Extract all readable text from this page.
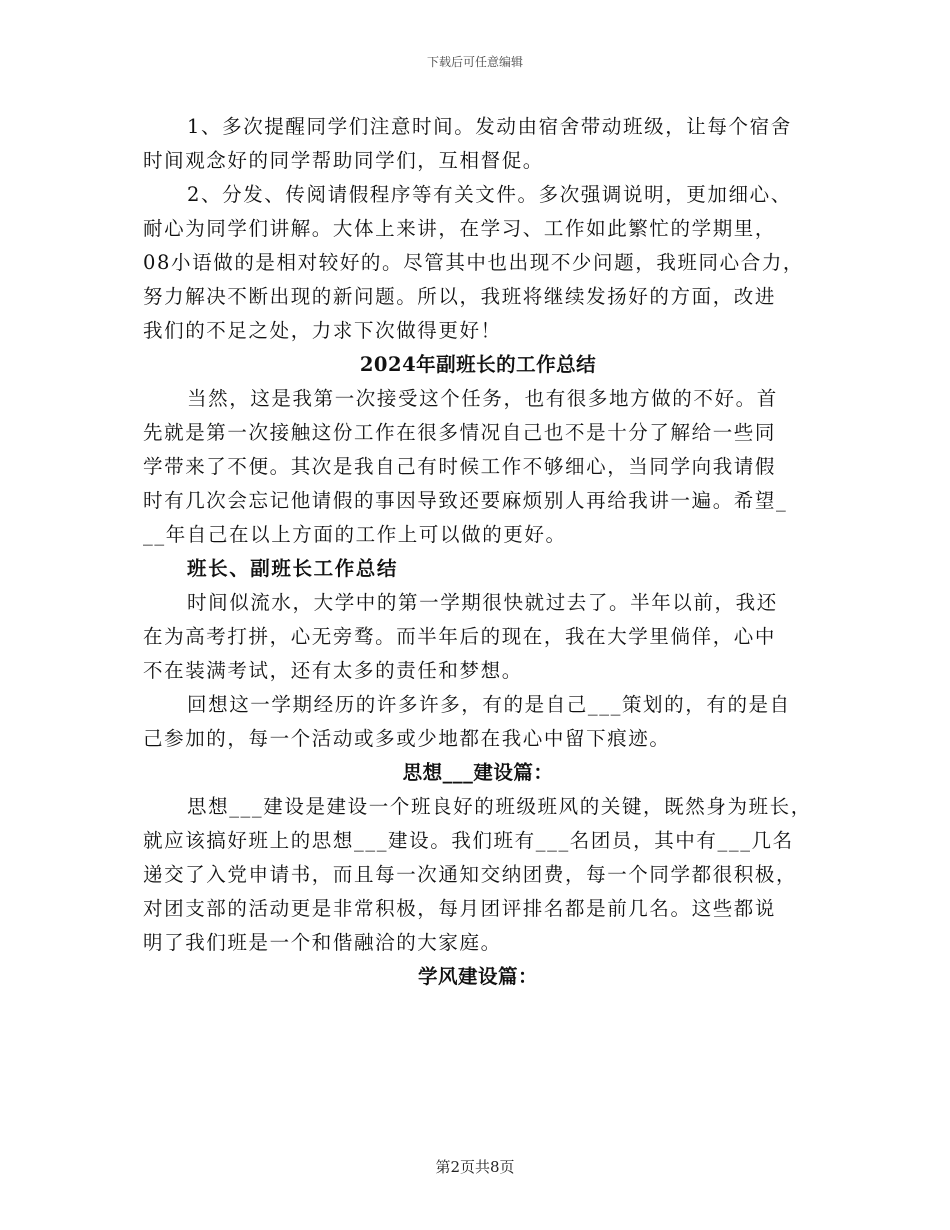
下载后可任意编辑
1、多次提醒同学们注意时间。发动由宿舍带动班级，让每个宿舍
时间观念好的同学帮助同学们，互相督促。
2、分发、传阅请假程序等有关文件。多次强调说明，更加细心、
耐心为同学们讲解。大体上来讲，在学习、工作如此繁忙的学期里，
08小语做的是相对较好的。尽管其中也出现不少问题，我班同心合力，
努力解决不断出现的新问题。所以，我班将继续发扬好的方面，改进
我们的不足之处，力求下次做得更好！
2024年副班长的工作总结
当然，这是我第一次接受这个任务，也有很多地方做的不好。首
先就是第一次接触这份工作在很多情况自己也不是十分了解给一些同
学带来了不便。其次是我自己有时候工作不够细心，当同学向我请假
时有几次会忘记他请假的事因导致还要麻烦别人再给我讲一遍。希望_
__年自己在以上方面的工作上可以做的更好。
班长、副班长工作总结
时间似流水，大学中的第一学期很快就过去了。半年以前，我还
在为高考打拼，心无旁骛。而半年后的现在，我在大学里倘佯，心中
不在装满考试，还有太多的责任和梦想。
回想这一学期经历的许多许多，有的是自己___策划的，有的是自
己参加的，每一个活动或多或少地都在我心中留下痕迹。
思想___建设篇：
思想___建设是建设一个班良好的班级班风的关键，既然身为班长，
就应该搞好班上的思想___建设。我们班有___名团员，其中有___几名
递交了入党申请书，而且每一次通知交纳团费，每一个同学都很积极，
对团支部的活动更是非常积极，每月团评排名都是前几名。这些都说
明了我们班是一个和偕融洽的大家庭。
学风建设篇：
第2页共8页
